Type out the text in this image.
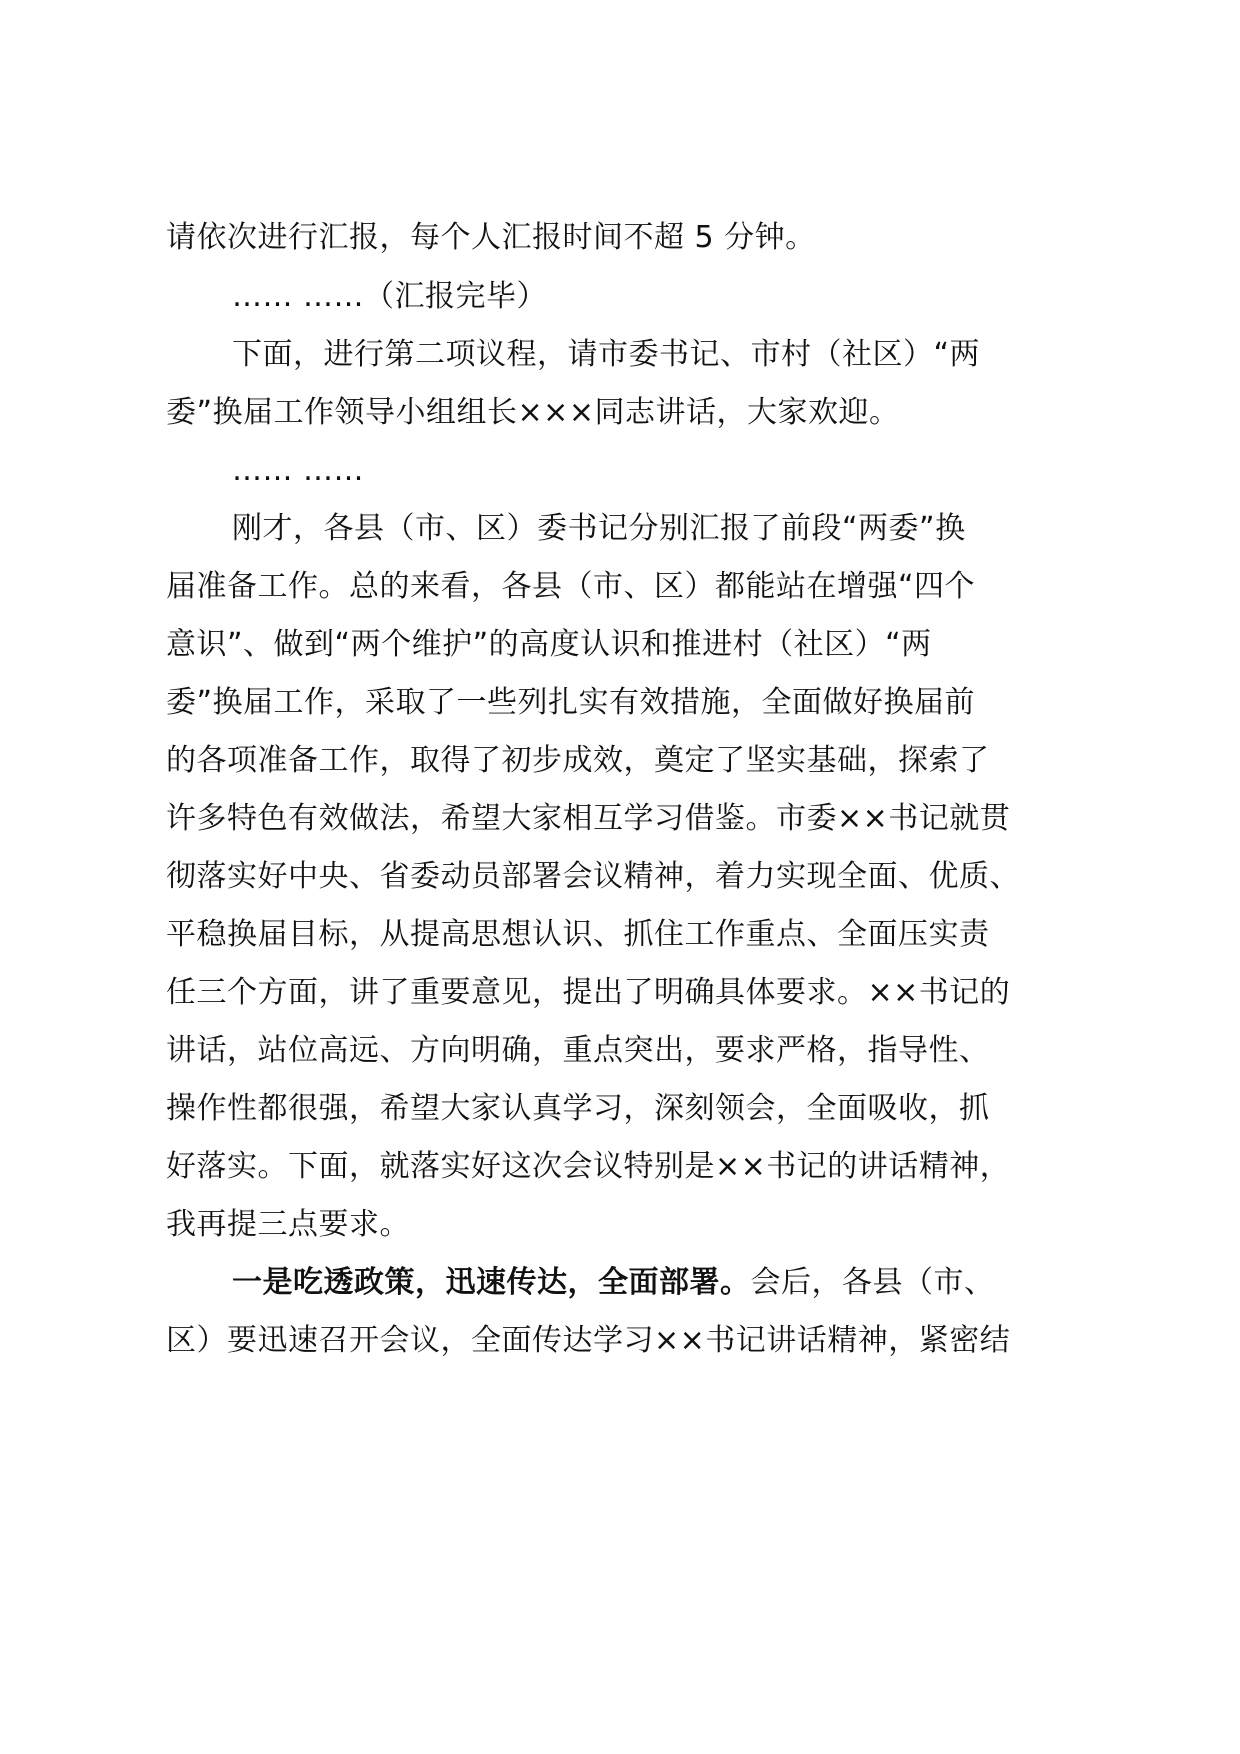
请依次进行汇报，每个人汇报时间不超 5 分钟。
…… ……（汇报完毕）
下面，进行第二项议程，请市委书记、市村（社区）“两
委”换届工作领导小组组长×××同志讲话，大家欢迎。
…… ……
刚才，各县（市、区）委书记分别汇报了前段“两委”换
届准备工作。总的来看，各县（市、区）都能站在增强“四个
意识”、做到“两个维护”的高度认识和推进村（社区）“两
委”换届工作，采取了一些列扎实有效措施，全面做好换届前
的各项准备工作，取得了初步成效，奠定了坚实基础，探索了
许多特色有效做法，希望大家相互学习借鉴。市委××书记就贯
彻落实好中央、省委动员部署会议精神，着力实现全面、优质、
平稳换届目标，从提高思想认识、抓住工作重点、全面压实责
任三个方面，讲了重要意见，提出了明确具体要求。××书记的
讲话，站位高远、方向明确，重点突出，要求严格，指导性、
操作性都很强，希望大家认真学习，深刻领会，全面吸收，抓
好落实。下面，就落实好这次会议特别是××书记的讲话精神，
我再提三点要求。
一是吃透政策，迅速传达，全面部署。会后，各县（市、
区）要迅速召开会议，全面传达学习××书记讲话精神，紧密结
